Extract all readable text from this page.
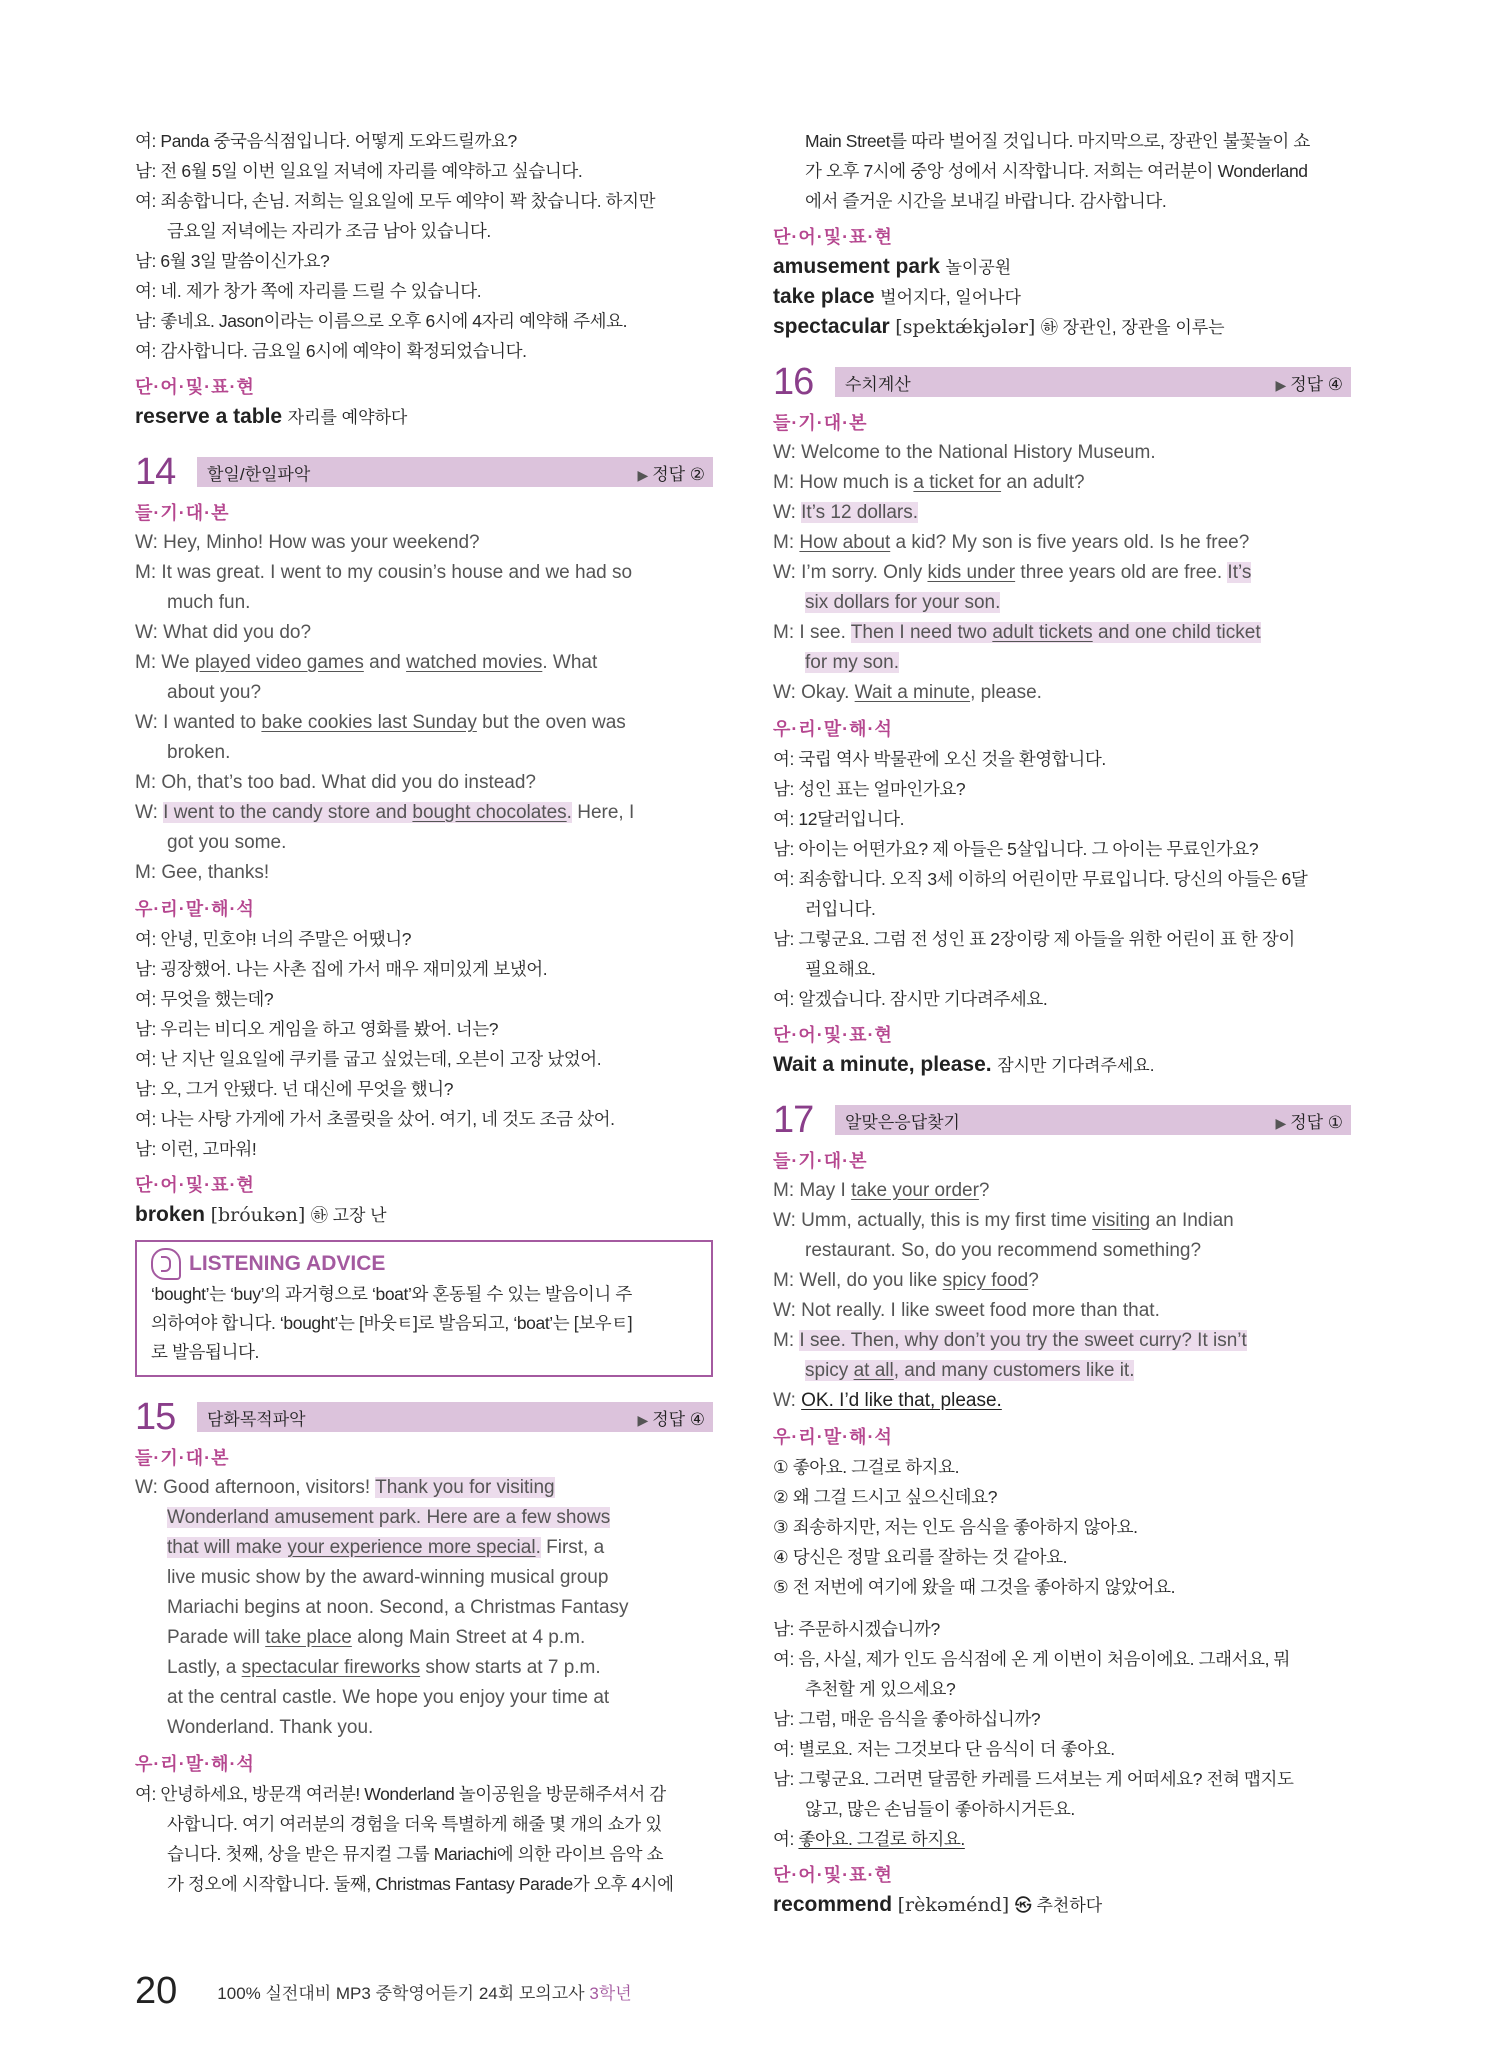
여: Panda 중국음식점입니다. 어떻게 도와드릴까요?
남: 전 6월 5일 이번 일요일 저녁에 자리를 예약하고 싶습니다.
여: 죄송합니다, 손님. 저희는 일요일에 모두 예약이 꽉 찼습니다. 하지만
금요일 저녁에는 자리가 조금 남아 있습니다.
남: 6월 3일 말씀이신가요?
여: 네. 제가 창가 쪽에 자리를 드릴 수 있습니다.
남: 좋네요. Jason이라는 이름으로 오후 6시에 4자리 예약해 주세요.
여: 감사합니다. 금요일 6시에 예약이 확정되었습니다.
단·어·및·표·현
reserve a table 자리를 예약하다
14	할일/한일파악	▶ 정답 ②
들·기·대·본
W: Hey, Minho! How was your weekend?
M: It was great. I went to my cousin’s house and we had so
much fun.
W: What did you do?
M: We played video games and watched movies. What
about you?
W: I wanted to bake cookies last Sunday but the oven was
broken.
M: Oh, that’s too bad. What did you do instead?
W: I went to the candy store and bought chocolates. Here, I
got you some.
M: Gee, thanks!
우·리·말·해·석
여: 안녕, 민호야! 너의 주말은 어땠니?
남: 굉장했어. 나는 사촌 집에 가서 매우 재미있게 보냈어.
여: 무엇을 했는데?
남: 우리는 비디오 게임을 하고 영화를 봤어. 너는?
여: 난 지난 일요일에 쿠키를 굽고 싶었는데, 오븐이 고장 났었어.
남: 오, 그거 안됐다. 넌 대신에 무엇을 했니?
여: 나는 사탕 가게에 가서 초콜릿을 샀어. 여기, 네 것도 조금 샀어.
남: 이런, 고마워!
단·어·및·표·현
broken [bróukən] ㉻ 고장 난
LISTENING ADVICE
‘bought’는 ‘buy’의 과거형으로 ‘boat’와 혼동될 수 있는 발음이니 주
의하여야 합니다. ‘bought’는 [바웃ㅌ]로 발음되고, ‘boat’는 [보우ㅌ]
로 발음됩니다.
15	담화목적파악	▶ 정답 ④
들·기·대·본
W: Good afternoon, visitors! Thank you for visiting
Wonderland amusement park. Here are a few shows
that will make your experience more special. First, a
live music show by the award-winning musical group
Mariachi begins at noon. Second, a Christmas Fantasy
Parade will take place along Main Street at 4 p.m.
Lastly, a spectacular fireworks show starts at 7 p.m.
at the central castle. We hope you enjoy your time at
Wonderland. Thank you.
우·리·말·해·석
여: 안녕하세요, 방문객 여러분! Wonderland 놀이공원을 방문해주셔서 감
사합니다. 여기 여러분의 경험을 더욱 특별하게 해줄 몇 개의 쇼가 있
습니다. 첫째, 상을 받은 뮤지컬 그룹 Mariachi에 의한 라이브 음악 쇼
가 정오에 시작합니다. 둘째, Christmas Fantasy Parade가 오후 4시에
Main Street를 따라 벌어질 것입니다. 마지막으로, 장관인 불꽃놀이 쇼
가 오후 7시에 중앙 성에서 시작합니다. 저희는 여러분이 Wonderland
에서 즐거운 시간을 보내길 바랍니다. 감사합니다.
단·어·및·표·현
amusement park 놀이공원
take place 벌어지다, 일어나다
spectacular [spektǽkjələr] ㉻ 장관인, 장관을 이루는
16	수치계산	▶ 정답 ④
들·기·대·본
W: Welcome to the National History Museum.
M: How much is a ticket for an adult?
W: It’s 12 dollars.
M: How about a kid? My son is five years old. Is he free?
W: I’m sorry. Only kids under three years old are free. It’s
six dollars for your son.
M: I see. Then I need two adult tickets and one child ticket
for my son.
W: Okay. Wait a minute, please.
우·리·말·해·석
여: 국립 역사 박물관에 오신 것을 환영합니다.
남: 성인 표는 얼마인가요?
여: 12달러입니다.
남: 아이는 어떤가요? 제 아들은 5살입니다. 그 아이는 무료인가요?
여: 죄송합니다. 오직 3세 이하의 어린이만 무료입니다. 당신의 아들은 6달
러입니다.
남: 그렇군요. 그럼 전 성인 표 2장이랑 제 아들을 위한 어린이 표 한 장이
필요해요.
여: 알겠습니다. 잠시만 기다려주세요.
단·어·및·표·현
Wait a minute, please. 잠시만 기다려주세요.
17	알맞은응답찾기	▶ 정답 ①
들·기·대·본
M: May I take your order?
W: Umm, actually, this is my first time visiting an Indian
restaurant. So, do you recommend something?
M: Well, do you like spicy food?
W: Not really. I like sweet food more than that.
M: I see. Then, why don’t you try the sweet curry? It isn’t
spicy at all, and many customers like it.
W: OK. I’d like that, please.
우·리·말·해·석
① 좋아요. 그걸로 하지요.
② 왜 그걸 드시고 싶으신데요?
③ 죄송하지만, 저는 인도 음식을 좋아하지 않아요.
④ 당신은 정말 요리를 잘하는 것 같아요.
⑤ 전 저번에 여기에 왔을 때 그것을 좋아하지 않았어요.
남: 주문하시겠습니까?
여: 음, 사실, 제가 인도 음식점에 온 게 이번이 처음이에요. 그래서요, 뭐
추천할 게 있으세요?
남: 그럼, 매운 음식을 좋아하십니까?
여: 별로요. 저는 그것보다 단 음식이 더 좋아요.
남: 그렇군요. 그러면 달콤한 카레를 드셔보는 게 어떠세요? 전혀 맵지도
않고, 많은 손님들이 좋아하시거든요.
여: 좋아요. 그걸로 하지요.
단·어·및·표·현
recommend [rèkəménd] ㉿ 추천하다
20 100% 실전대비 MP3 중학영어듣기 24회 모의고사 3학년
